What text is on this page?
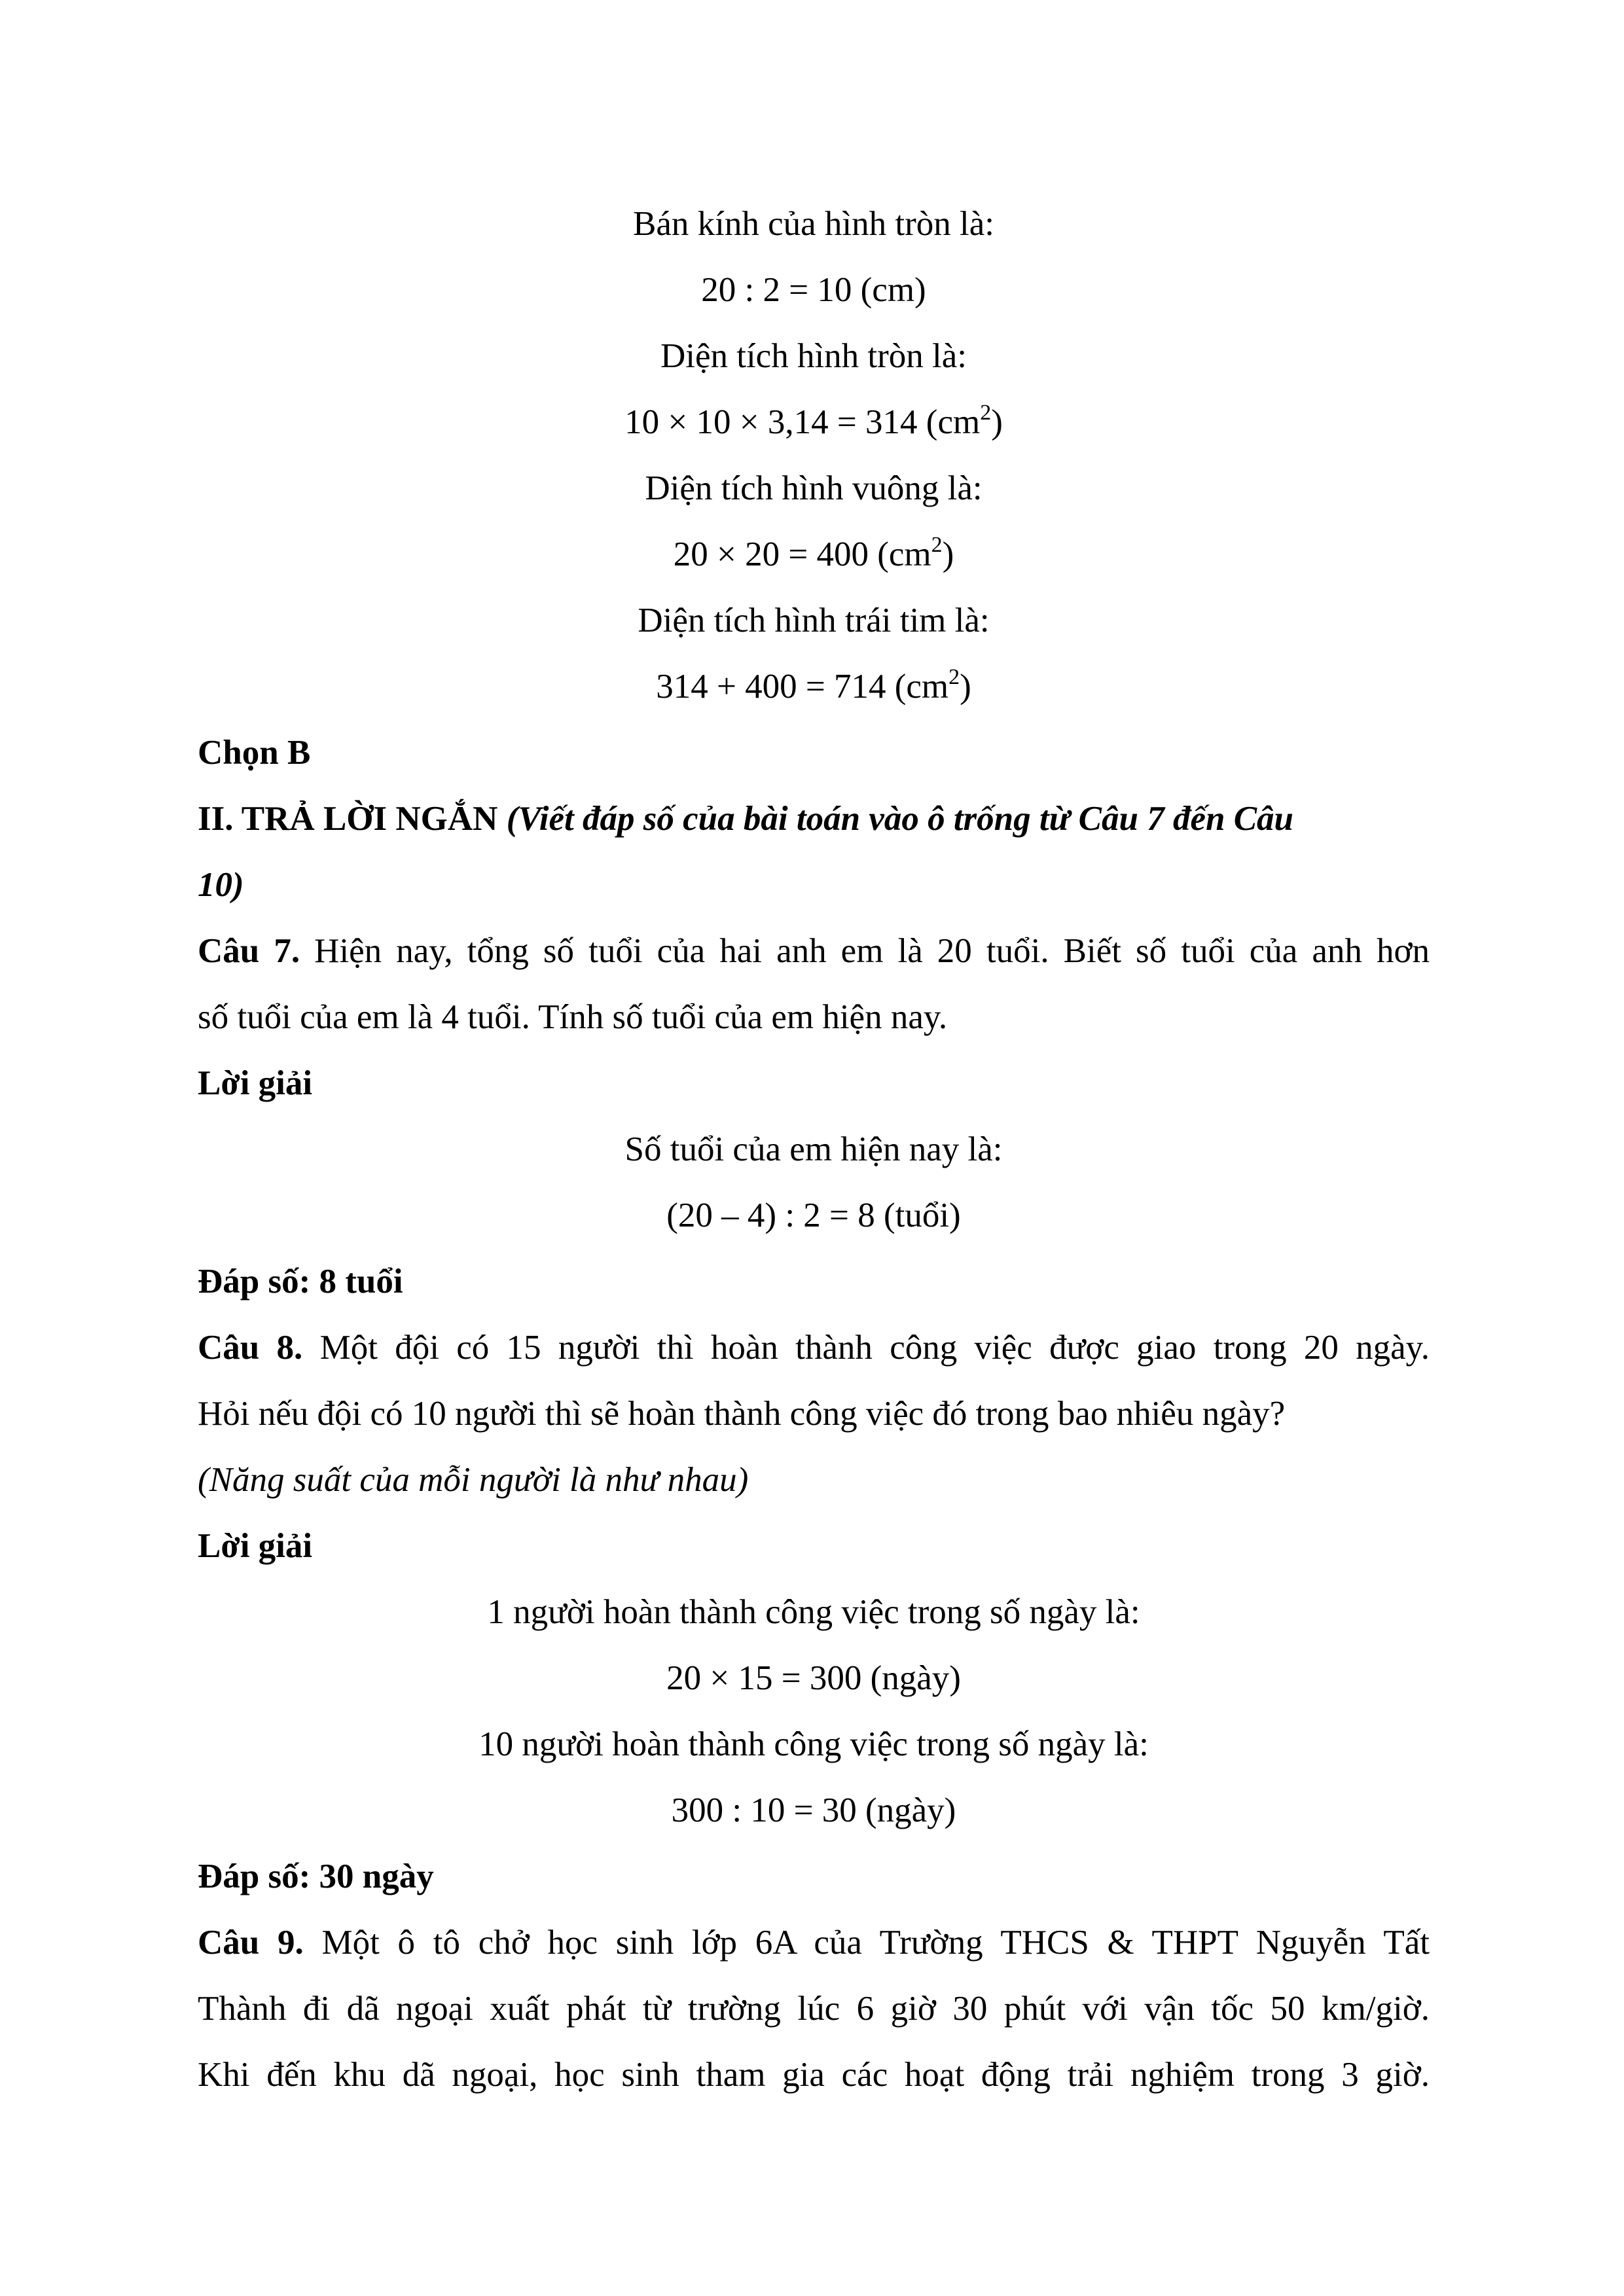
Bán kính của hình tròn là:
20 : 2 = 10 (cm)
Diện tích hình tròn là:
10 × 10 × 3,14 = 314 $(cm^2)$
Diện tích hình vuông là:
20 × 20 = 400 $(cm^2)$
Diện tích hình trái tim là:
314 + 400 = 714 $(cm^2)$
Chọn B
II. TRẢ LỜI NGẮN (Viết đáp số của bài toán vào ô trống từ Câu 7 đến Câu
10)
Câu 7. Hiện nay, tổng số tuổi của hai anh em là 20 tuổi. Biết số tuổi của anh hơn
số tuổi của em là 4 tuổi. Tính số tuổi của em hiện nay.
Lời giải
Số tuổi của em hiện nay là:
(20 – 4) : 2 = 8 (tuổi)
Đáp số: 8 tuổi
Câu 8. Một đội có 15 người thì hoàn thành công việc được giao trong 20 ngày.
Hỏi nếu đội có 10 người thì sẽ hoàn thành công việc đó trong bao nhiêu ngày?
(Năng suất của mỗi người là như nhau)
Lời giải
1 người hoàn thành công việc trong số ngày là:
20 × 15 = 300 (ngày)
10 người hoàn thành công việc trong số ngày là:
300 : 10 = 30 (ngày)
Đáp số: 30 ngày
Câu 9. Một ô tô chở học sinh lớp 6A của Trường THCS & THPT Nguyễn Tất
Thành đi dã ngoại xuất phát từ trường lúc 6 giờ 30 phút với vận tốc 50 km/giờ.
Khi đến khu dã ngoại, học sinh tham gia các hoạt động trải nghiệm trong 3 giờ.
